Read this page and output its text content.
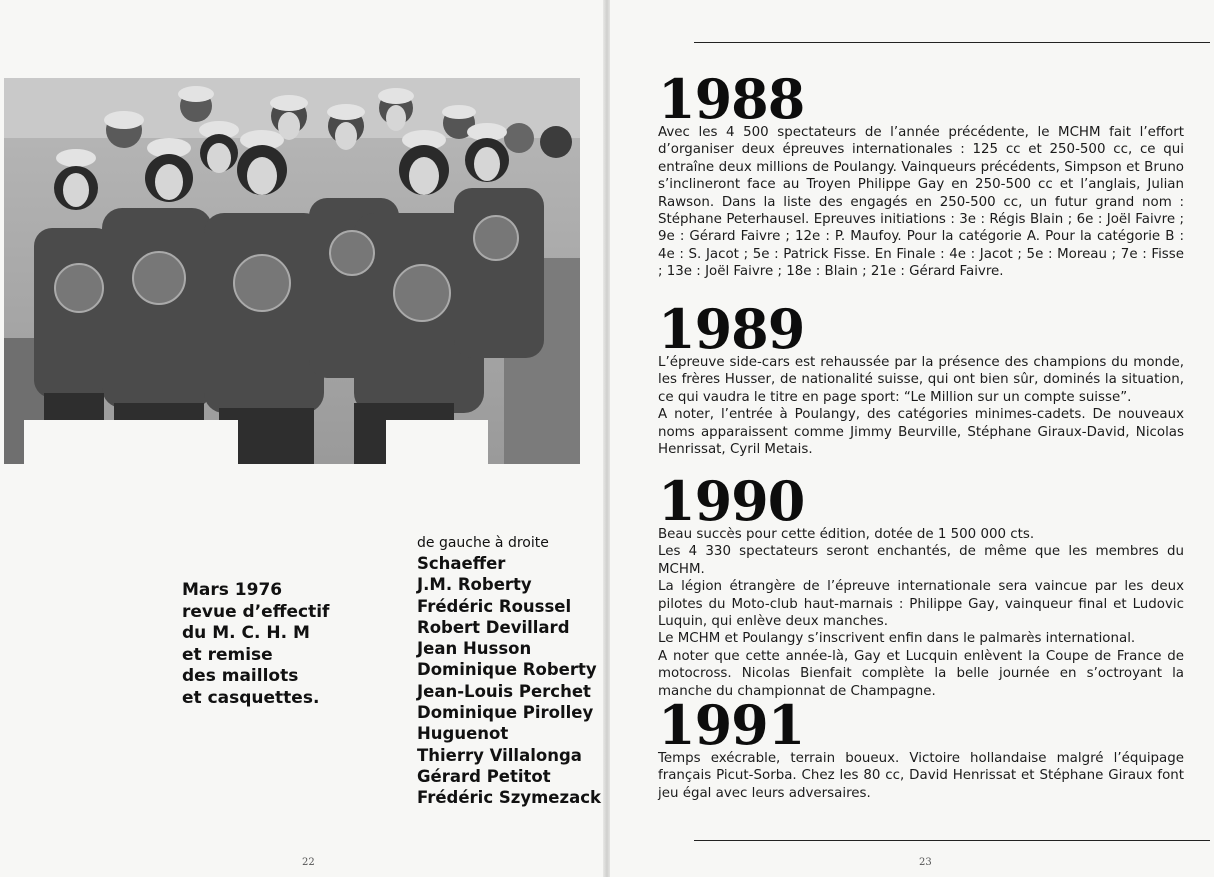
Mars 1976
revue d’effectif
du M. C. H. M
et remise
des maillots
et casquettes.
de gauche à droite
Schaeffer
J.M. Roberty
Frédéric Roussel
Robert Devillard
Jean Husson
Dominique Roberty
Jean-Louis Perchet
Dominique Pirolley
Huguenot
Thierry Villalonga
Gérard Petitot
Frédéric Szymezack
22
1988

Avec les 4 500 spectateurs de l’année précédente, le MCHM fait l’effort d’organiser deux épreuves internationales : 125 cc et 250-500 cc, ce qui entraîne deux millions de Poulangy. Vainqueurs précédents, Simpson et Bruno s’inclineront face au Troyen Philippe Gay en 250-500 cc et l’anglais, Julian Rawson. Dans la liste des engagés en 250-500 cc, un futur grand nom : Stéphane Peterhausel. Epreuves initiations : 3e : Régis Blain ; 6e : Joël Faivre ; 9e : Gérard Faivre ; 12e : P. Maufoy. Pour la catégorie A. Pour la catégorie B : 4e : S. Jacot ; 5e : Patrick Fisse. En Finale : 4e : Jacot ; 5e : Moreau ; 7e : Fisse ; 13e : Joël Faivre ; 18e : Blain ; 21e : Gérard Faivre.

1989

L’épreuve side-cars est rehaussée par la présence des champions du monde, les frères Husser, de nationalité suisse, qui ont bien sûr, dominés la situation, ce qui vaudra le titre en page sport: “Le Million sur un compte suisse”.

A noter, l’entrée à Poulangy, des catégories minimes-cadets. De nouveaux noms apparaissent comme Jimmy Beurville, Stéphane Giraux-David, Nicolas Henrissat, Cyril Metais.

1990

Beau succès pour cette édition, dotée de 1 500 000 cts.

Les 4 330 spectateurs seront enchantés, de même que les membres du MCHM.

La légion étrangère de l’épreuve internationale sera vaincue par les deux pilotes du Moto-club haut-marnais : Philippe Gay, vainqueur final et Ludovic Luquin, qui enlève deux manches.

Le MCHM et Poulangy s’inscrivent enfin dans le palmarès international.

A noter que cette année-là, Gay et Lucquin enlèvent la Coupe de France de motocross. Nicolas Bienfait complète la belle journée en s’octroyant la manche du championnat de Champagne.

1991

Temps exécrable, terrain boueux. Victoire hollandaise malgré l’équipage français Picut-Sorba. Chez les 80 cc, David Henrissat et Stéphane Giraux font jeu égal avec leurs adversaires.

23
